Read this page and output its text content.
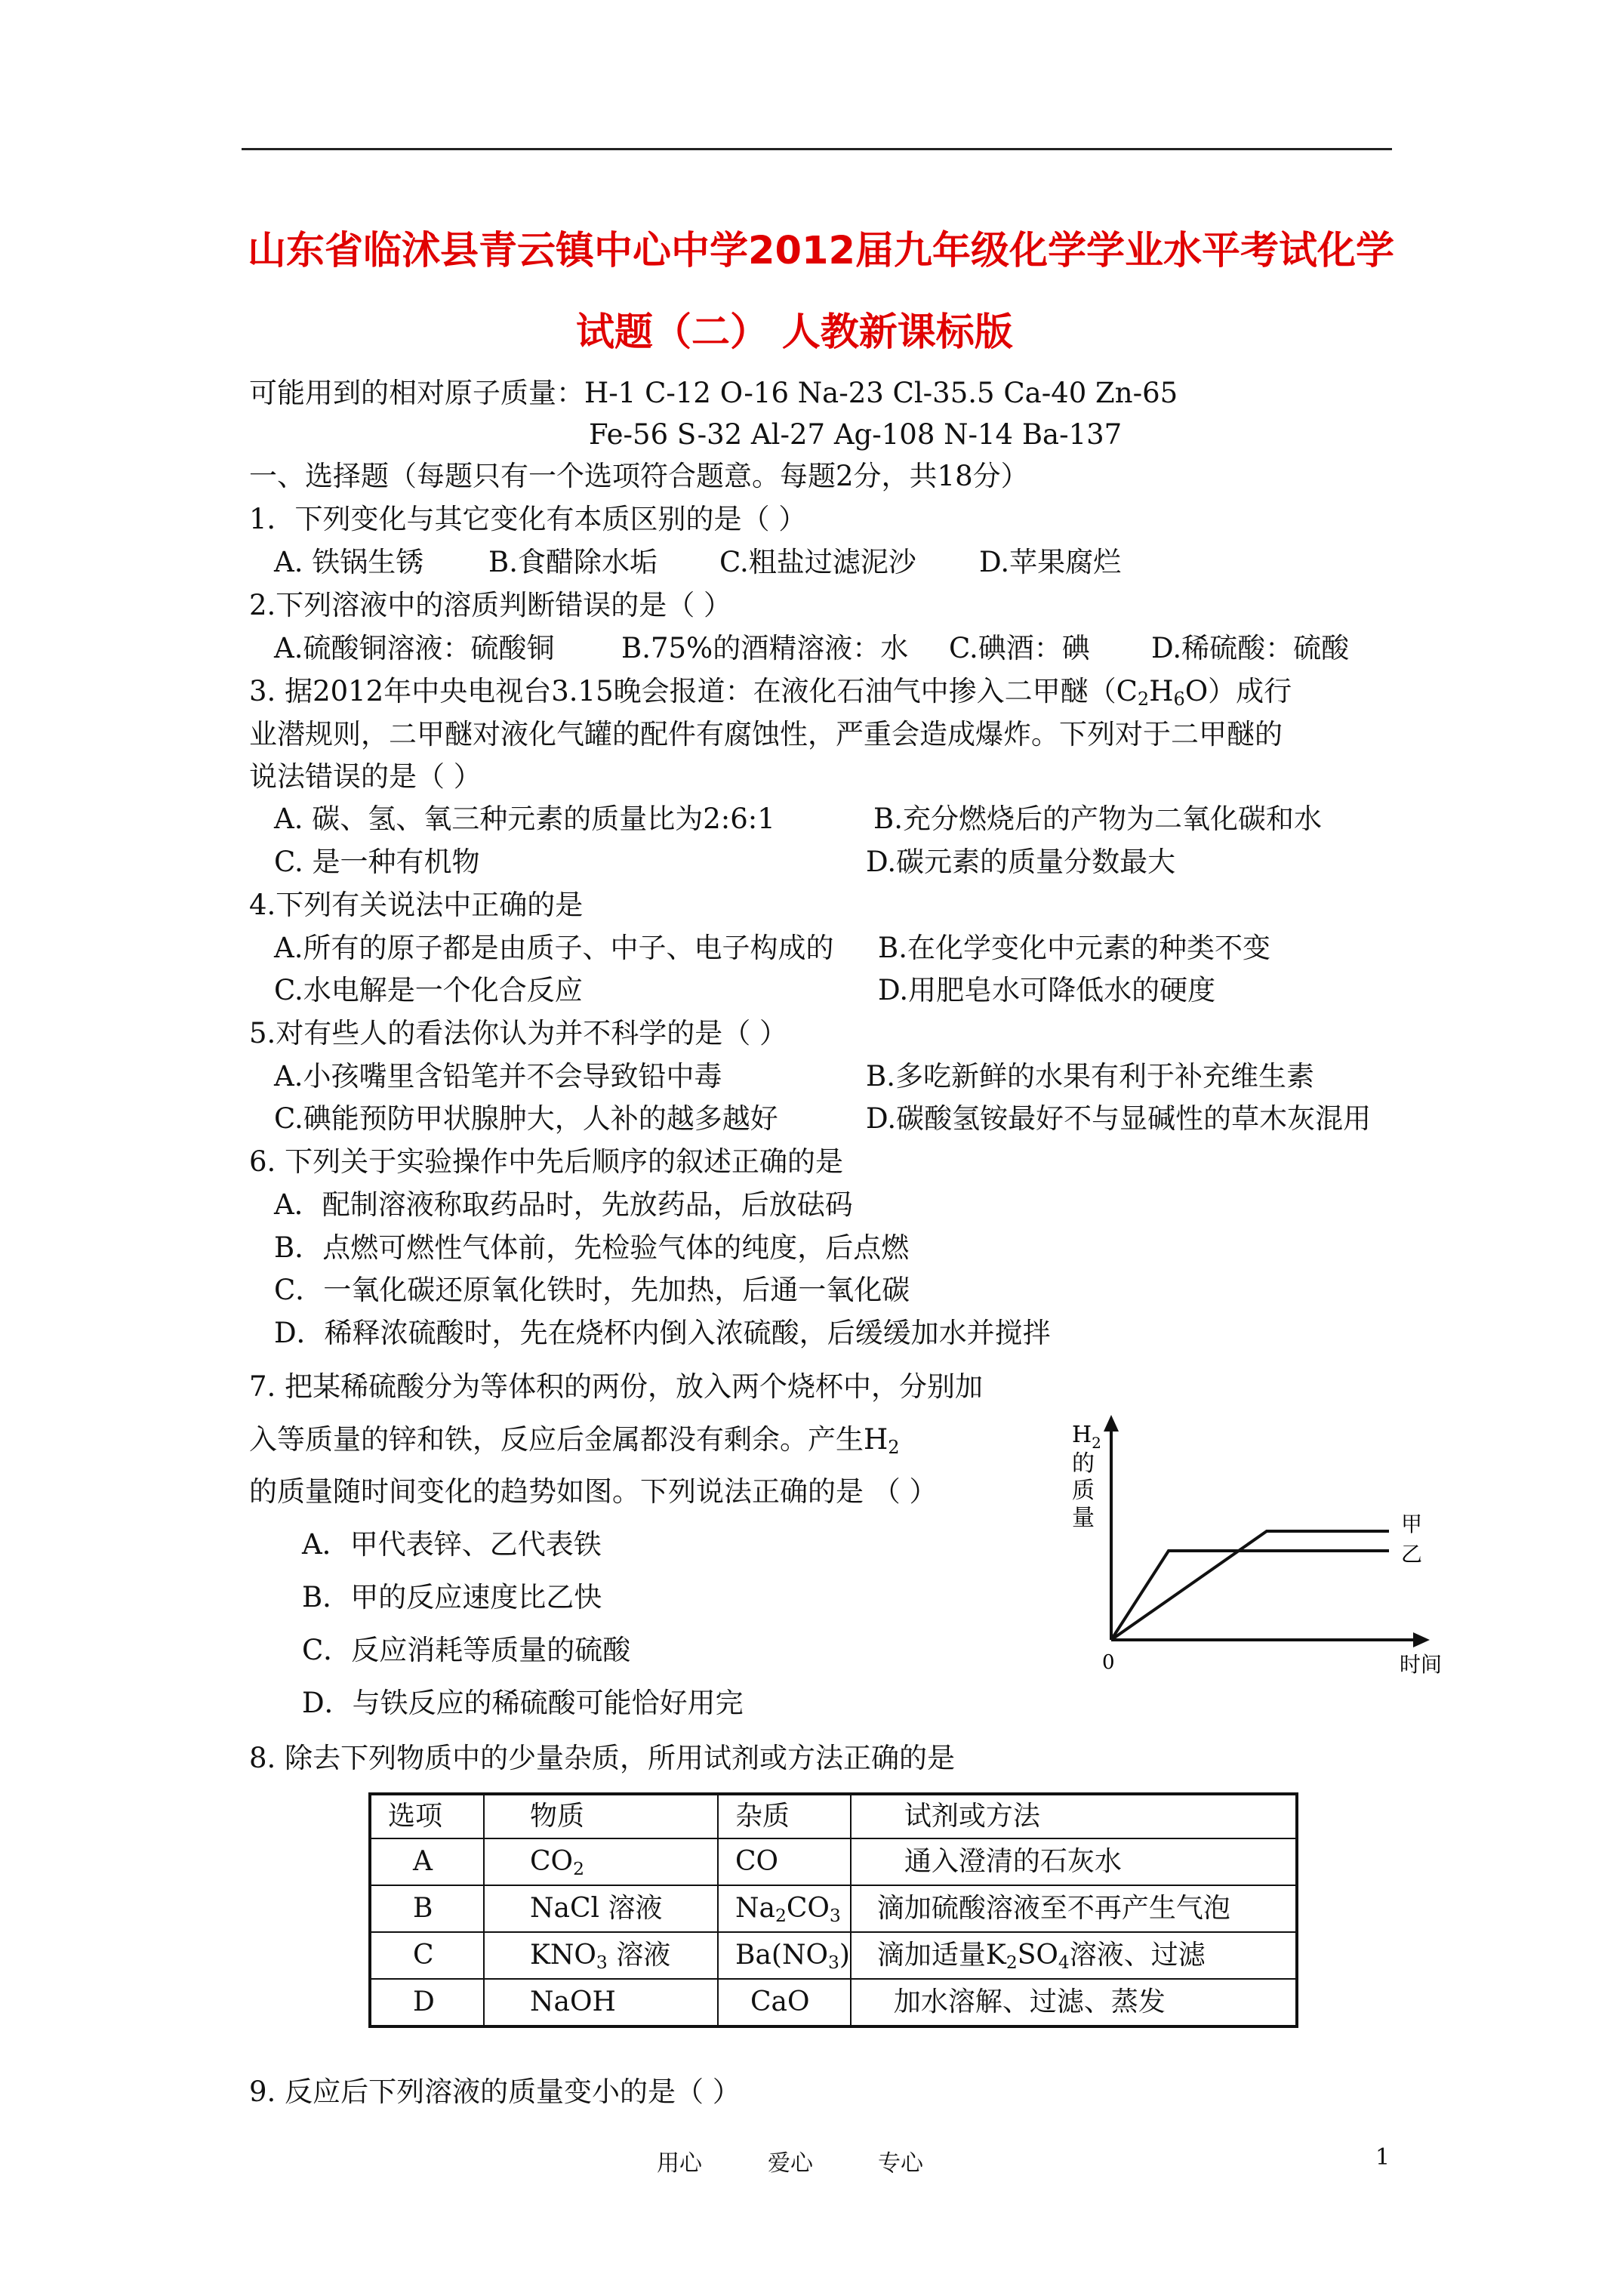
山东省临沭县青云镇中心中学2012届九年级化学学业水平考试化学
试题（二） 人教新课标版
可能用到的相对原子质量：H-1 C-12 O-16 Na-23 Cl-35.5 Ca-40 Zn-65
Fe-56 S-32 Al-27 Ag-108 N-14 Ba-137
一、选择题（每题只有一个选项符合题意。每题2分，共18分）
1．下列变化与其它变化有本质区别的是（ ）
A. 铁锅生锈 B.食醋除水垢 C.粗盐过滤泥沙 D.苹果腐烂
2.下列溶液中的溶质判断错误的是（ ）
A.硫酸铜溶液：硫酸铜 B.75%的酒精溶液：水 C.碘酒：碘 D.稀硫酸：硫酸
3. 据2012年中央电视台3.15晚会报道：在液化石油气中掺入二甲醚$(C_2H_6O)$成行
业潜规则，二甲醚对液化气罐的配件有腐蚀性，严重会造成爆炸。下列对于二甲醚的
说法错误的是（ ）
A. 碳、氢、氧三种元素的质量比为2:6:1	B.充分燃烧后的产物为二氧化碳和水
C. 是一种有机物	D.碳元素的质量分数最大
4.下列有关说法中正确的是
A.所有的原子都是由质子、中子、电子构成的 B.在化学变化中元素的种类不变
C.水电解是一个化合反应	D.用肥皂水可降低水的硬度
5.对有些人的看法你认为并不科学的是（ ）
A.小孩嘴里含铅笔并不会导致铅中毒	B.多吃新鲜的水果有利于补充维生素
C.碘能预防甲状腺肿大，人补的越多越好	D.碳酸氢铵最好不与显碱性的草木灰混用
6. 下列关于实验操作中先后顺序的叙述正确的是
A．配制溶液称取药品时，先放药品，后放砝码
B．点燃可燃性气体前，先检验气体的纯度，后点燃
C．一氧化碳还原氧化铁时，先加热，后通一氧化碳
D．稀释浓硫酸时，先在烧杯内倒入浓硫酸，后缓缓加水并搅拌
7. 把某稀硫酸分为等体积的两份，放入两个烧杯中，分别加
入等质量的锌和铁，反应后金属都没有剩余。产生$H_2$
的质量随时间变化的趋势如图。下列说法正确的是 （ ）
A．甲代表锌、乙代表铁
B．甲的反应速度比乙快
C．反应消耗等质量的硫酸
D．与铁反应的稀硫酸可能恰好用完
$H_2$
的
质
量	甲
乙
0	时间
8. 除去下列物质中的少量杂质，所用试剂或方法正确的是
选项	物质	杂质	试剂或方法
A	$CO_2$	CO	通入澄清的石灰水
B	NaCl 溶液	$Na_2CO_3$	滴加硫酸溶液至不再产生气泡
C	$KNO_3$ 溶液	$Ba(NO_3)$	滴加适量$K_2SO_4$溶液、过滤
D	NaOH	CaO	加水溶解、过滤、蒸发
9. 反应后下列溶液的质量变小的是（ ）
用心	爱心	专心	1
